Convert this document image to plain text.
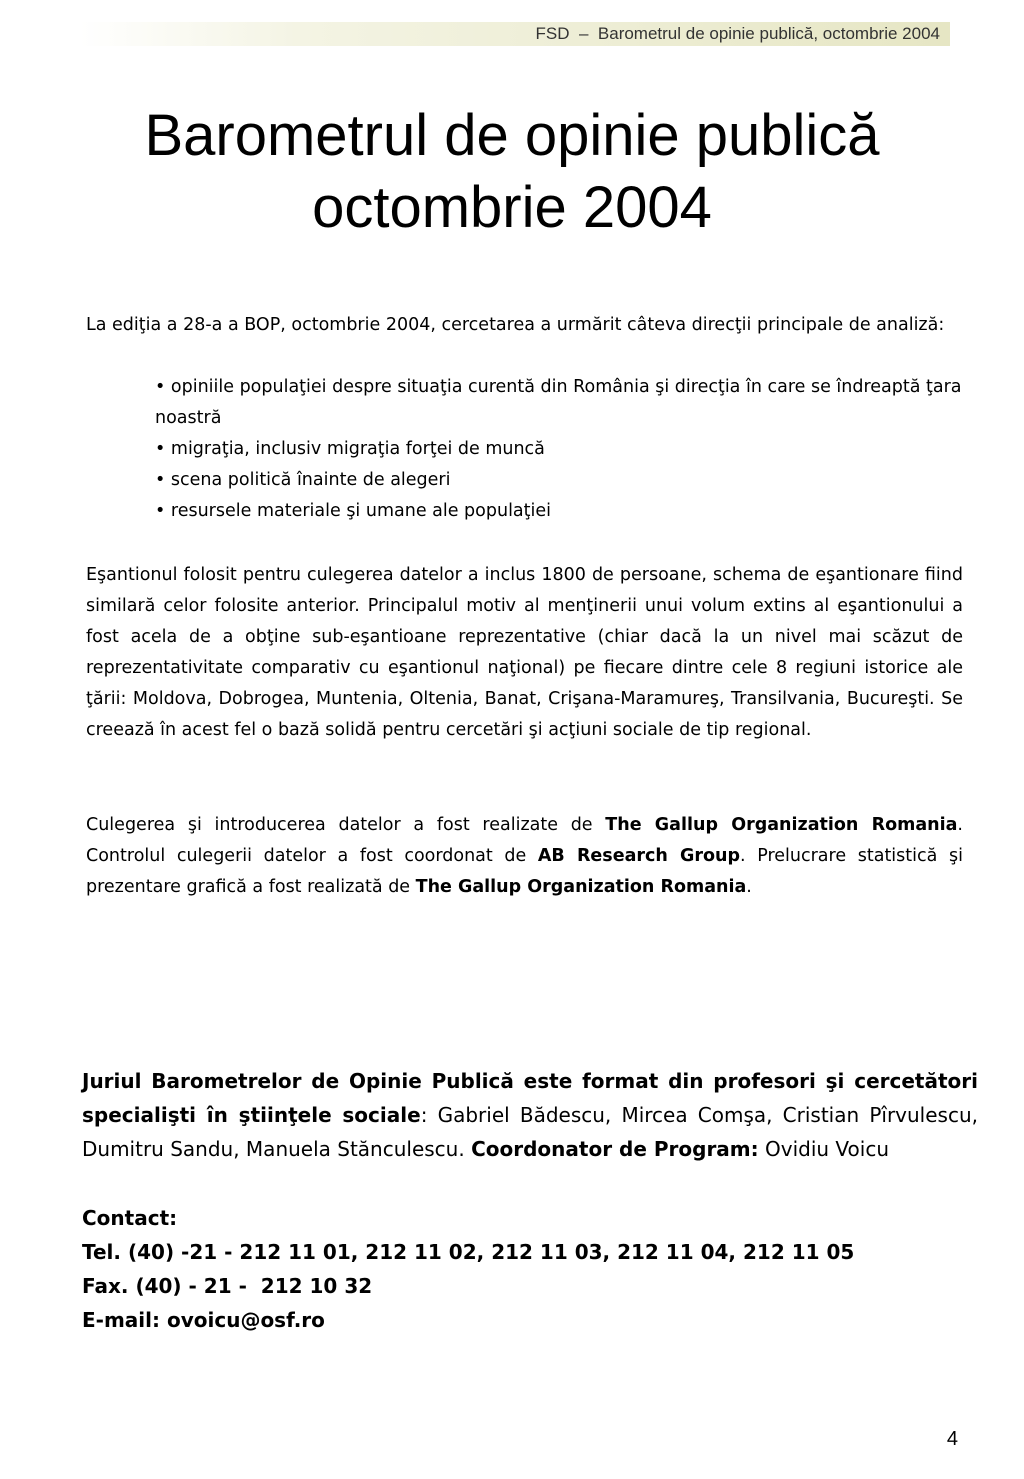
FSD  –  Barometrul de opinie publică, octombrie 2004
Barometrul de opinie publică
octombrie 2004

La ediţia a 28-a a BOP, octombrie 2004, cercetarea a urmărit câteva direcţii principale de analiză:

• opiniile populaţiei despre situaţia curentă din România şi direcţia în care se îndreaptă ţara noastră
• migraţia, inclusiv migraţia forţei de muncă
• scena politică înainte de alegeri
• resursele materiale şi umane ale populaţiei

Eşantionul folosit pentru culegerea datelor a inclus 1800 de persoane, schema de eşantionare fiind similară celor folosite anterior. Principalul motiv al menţinerii unui volum extins al eşantionului a fost acela de a obţine sub-eşantioane reprezentative (chiar dacă la un nivel mai scăzut de reprezentativitate comparativ cu eşantionul naţional) pe fiecare dintre cele 8 regiuni istorice ale ţării: Moldova, Dobrogea, Muntenia, Oltenia, Banat, Crişana-Maramureş, Transilvania, Bucureşti. Se creează în acest fel o bază solidă pentru cercetări şi acţiuni sociale de tip regional.

Culegerea şi introducerea datelor a fost realizate de The Gallup Organization Romania. Controlul culegerii datelor a fost coordonat de AB Research Group. Prelucrare statistică şi prezentare grafică a fost realizată de The Gallup Organization Romania.

Juriul Barometrelor de Opinie Publică este format din profesori şi cercetători specialişti în ştiinţele sociale: Gabriel Bădescu, Mircea Comşa, Cristian Pîrvulescu, Dumitru Sandu, Manuela Stănculescu. Coordonator de Program: Ovidiu Voicu

Contact:
Tel. (40) -21 - 212 11 01, 212 11 02, 212 11 03, 212 11 04, 212 11 05
Fax. (40) - 21 -  212 10 32
E-mail: ovoicu@osf.ro
4
